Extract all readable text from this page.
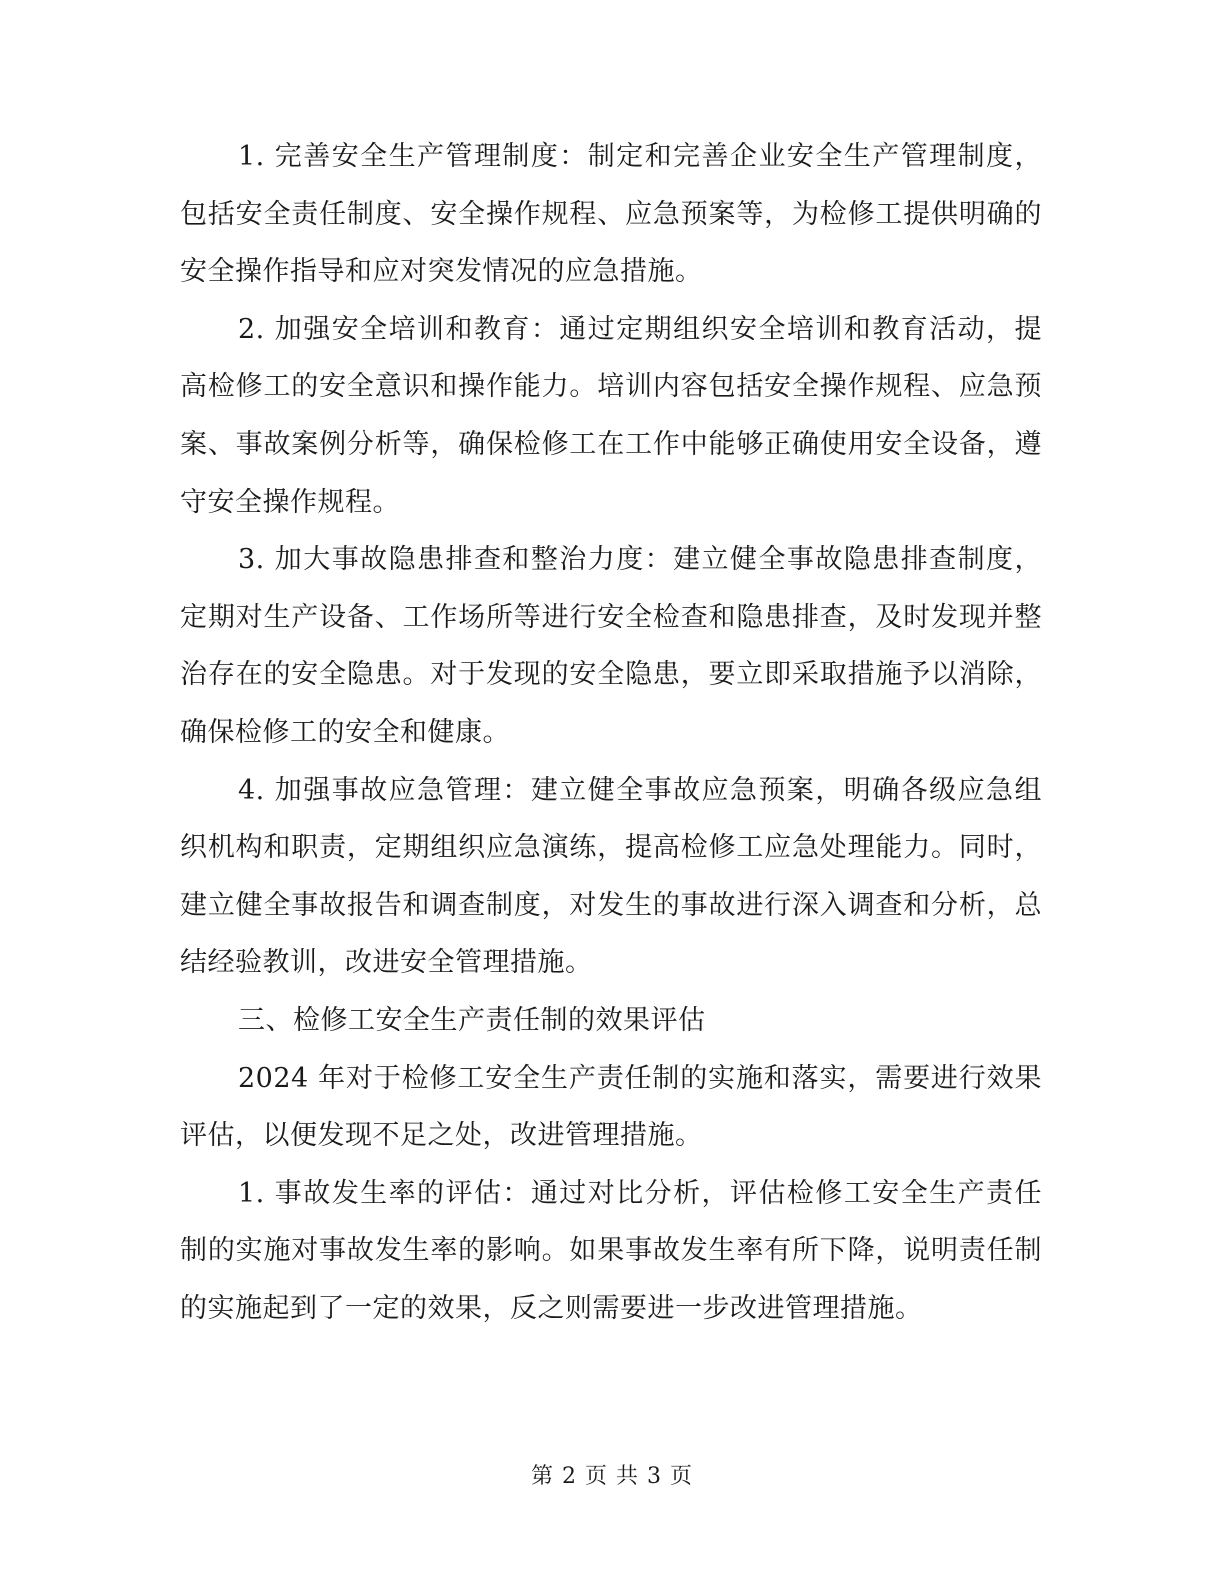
1. 完善安全生产管理制度：制定和完善企业安全生产管理制度，包括安全责任制度、安全操作规程、应急预案等，为检修工提供明确的安全操作指导和应对突发情况的应急措施。

2. 加强安全培训和教育：通过定期组织安全培训和教育活动，提高检修工的安全意识和操作能力。培训内容包括安全操作规程、应急预案、事故案例分析等，确保检修工在工作中能够正确使用安全设备，遵守安全操作规程。

3. 加大事故隐患排查和整治力度：建立健全事故隐患排查制度，定期对生产设备、工作场所等进行安全检查和隐患排查，及时发现并整治存在的安全隐患。对于发现的安全隐患，要立即采取措施予以消除，确保检修工的安全和健康。

4. 加强事故应急管理：建立健全事故应急预案，明确各级应急组织机构和职责，定期组织应急演练，提高检修工应急处理能力。同时，建立健全事故报告和调查制度，对发生的事故进行深入调查和分析，总结经验教训，改进安全管理措施。

三、检修工安全生产责任制的效果评估

2024 年对于检修工安全生产责任制的实施和落实，需要进行效果评估，以便发现不足之处，改进管理措施。

1. 事故发生率的评估：通过对比分析，评估检修工安全生产责任制的实施对事故发生率的影响。如果事故发生率有所下降，说明责任制的实施起到了一定的效果，反之则需要进一步改进管理措施。

第 2 页 共 3 页
